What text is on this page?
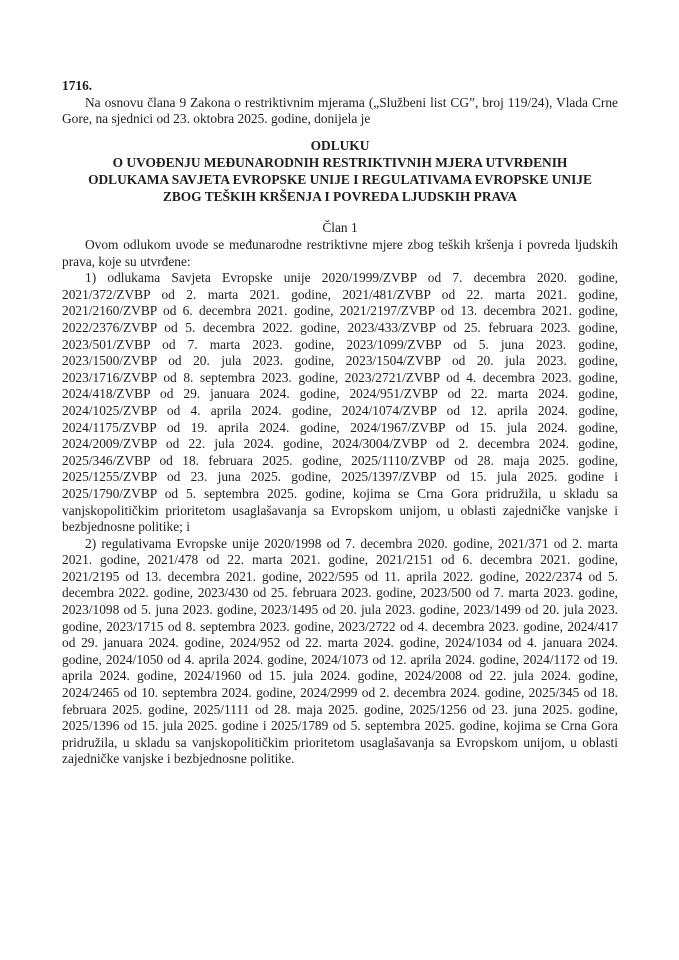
1716.

Na osnovu člana 9 Zakona o restriktivnim mjerama („Službeni list CG”, broj 119/24), Vlada Crne Gore, na sjednici od 23. oktobra 2025. godine, donijela je

ODLUKU

O UVOĐENJU MEĐUNARODNIH RESTRIKTIVNIH MJERA UTVRĐENIH

ODLUKAMA SAVJETA EVROPSKE UNIJE I REGULATIVAMA EVROPSKE UNIJE

ZBOG TEŠKIH KRŠENJA I POVREDA LJUDSKIH PRAVA

Član 1

Ovom odlukom uvode se međunarodne restriktivne mjere zbog teških kršenja i povreda ljudskih prava, koje su utvrđene:

1) odlukama Savjeta Evropske unije 2020/1999/ZVBP od 7. decembra 2020. godine, 2021/372/ZVBP od 2. marta 2021. godine, 2021/481/ZVBP od 22. marta 2021. godine, 2021/2160/ZVBP od 6. decembra 2021. godine, 2021/2197/ZVBP od 13. decembra 2021. godine, 2022/2376/ZVBP od 5. decembra 2022. godine, 2023/433/ZVBP od 25. februara 2023. godine, 2023/501/ZVBP od 7. marta 2023. godine, 2023/1099/ZVBP od 5. juna 2023. godine, 2023/1500/ZVBP od 20. jula 2023. godine, 2023/1504/ZVBP od 20. jula 2023. godine, 2023/1716/ZVBP od 8. septembra 2023. godine, 2023/2721/ZVBP od 4. decembra 2023. godine, 2024/418/ZVBP od 29. januara 2024. godine, 2024/951/ZVBP od 22. marta 2024. godine, 2024/1025/ZVBP od 4. aprila 2024. godine, 2024/1074/ZVBP od 12. aprila 2024. godine, 2024/1175/ZVBP od 19. aprila 2024. godine, 2024/1967/ZVBP od 15. jula 2024. godine, 2024/2009/ZVBP od 22. jula 2024. godine, 2024/3004/ZVBP od 2. decembra 2024. godine, 2025/346/ZVBP od 18. februara 2025. godine, 2025/1110/ZVBP od 28. maja 2025. godine, 2025/1255/ZVBP od 23. juna 2025. godine, 2025/1397/ZVBP od 15. jula 2025. godine i 2025/1790/ZVBP od 5. septembra 2025. godine, kojima se Crna Gora pridružila, u skladu sa vanjskopolitičkim prioritetom usaglašavanja sa Evropskom unijom, u oblasti zajedničke vanjske i bezbjednosne politike; i

2) regulativama Evropske unije 2020/1998 od 7. decembra 2020. godine, 2021/371 od 2. marta 2021. godine, 2021/478 od 22. marta 2021. godine, 2021/2151 od 6. decembra 2021. godine, 2021/2195 od 13. decembra 2021. godine, 2022/595 od 11. aprila 2022. godine, 2022/2374 od 5. decembra 2022. godine, 2023/430 od 25. februara 2023. godine, 2023/500 od 7. marta 2023. godine, 2023/1098 od 5. juna 2023. godine, 2023/1495 od 20. jula 2023. godine, 2023/1499 od 20. jula 2023. godine, 2023/1715 od 8. septembra 2023. godine, 2023/2722 od 4. decembra 2023. godine, 2024/417 od 29. januara 2024. godine, 2024/952 od 22. marta 2024. godine, 2024/1034 od 4. januara 2024. godine, 2024/1050 od 4. aprila 2024. godine, 2024/1073 od 12. aprila 2024. godine, 2024/1172 od 19. aprila 2024. godine, 2024/1960 od 15. jula 2024. godine, 2024/2008 od 22. jula 2024. godine, 2024/2465 od 10. septembra 2024. godine, 2024/2999 od 2. decembra 2024. godine, 2025/345 od 18. februara 2025. godine, 2025/1111 od 28. maja 2025. godine, 2025/1256 od 23. juna 2025. godine, 2025/1396 od 15. jula 2025. godine i 2025/1789 od 5. septembra 2025. godine, kojima se Crna Gora pridružila, u skladu sa vanjskopolitičkim prioritetom usaglašavanja sa Evropskom unijom, u oblasti zajedničke vanjske i bezbjednosne politike.
